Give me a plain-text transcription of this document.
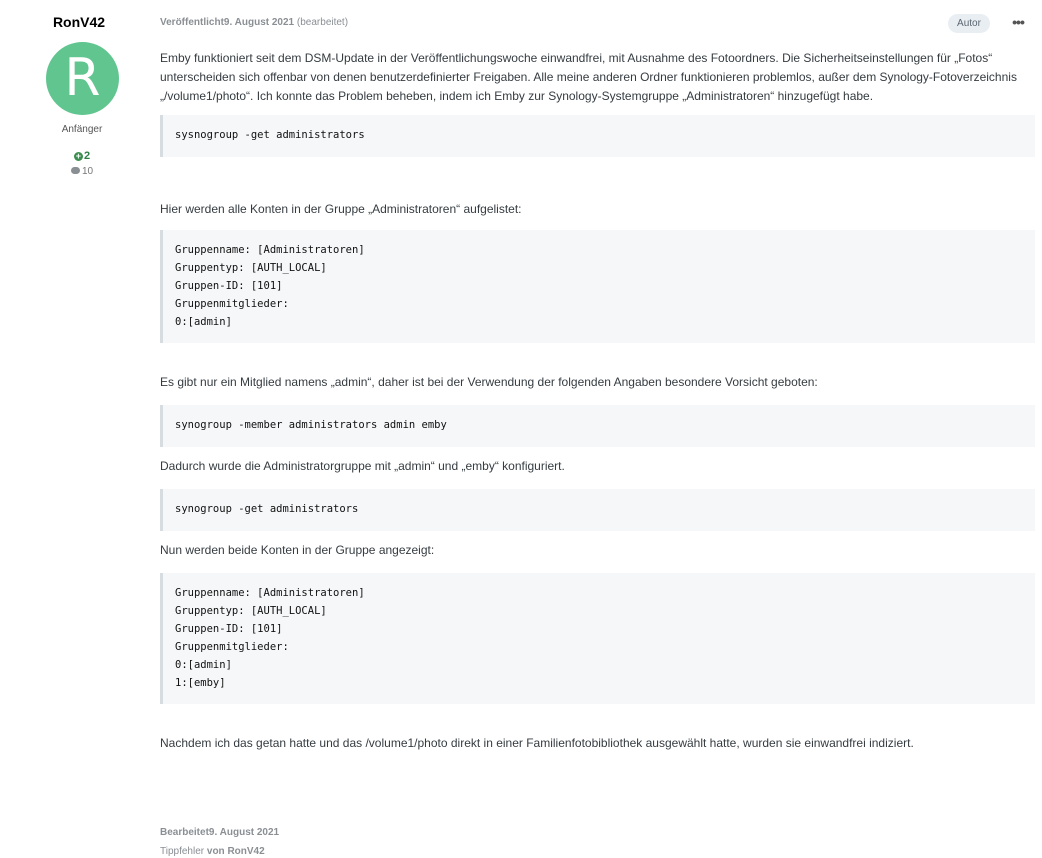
RonV42
R
Anfänger
+ 2
10
Veröffentlicht9. August 2021 (bearbeitet)	Autor	•••

Emby funktioniert seit dem DSM-Update in der Veröffentlichungswoche einwandfrei, mit Ausnahme des Fotoordners. Die Sicherheitseinstellungen für „Fotos“ unterscheiden sich offenbar von denen benutzerdefinierter Freigaben. Alle meine anderen Ordner funktionieren problemlos, außer dem Synology-Fotoverzeichnis „/volume1/photo“. Ich konnte das Problem beheben, indem ich Emby zur Synology-Systemgruppe „Administratoren“ hinzugefügt habe.

sysnogroup -get administrators

Hier werden alle Konten in der Gruppe „Administratoren“ aufgelistet:

Gruppenname: [Administratoren]
Gruppentyp: [AUTH_LOCAL]
Gruppen-ID: [101]
Gruppenmitglieder:
0:[admin]

Es gibt nur ein Mitglied namens „admin“, daher ist bei der Verwendung der folgenden Angaben besondere Vorsicht geboten:

synogroup -member administrators admin emby

Dadurch wurde die Administratorgruppe mit „admin“ und „emby“ konfiguriert.

synogroup -get administrators

Nun werden beide Konten in der Gruppe angezeigt:

Gruppenname: [Administratoren]
Gruppentyp: [AUTH_LOCAL]
Gruppen-ID: [101]
Gruppenmitglieder:
0:[admin]
1:[emby]

Nachdem ich das getan hatte und das /volume1/photo direkt in einer Familienfotobibliothek ausgewählt hatte, wurden sie einwandfrei indiziert.

Bearbeitet9. August 2021
Tippfehler von RonV42
